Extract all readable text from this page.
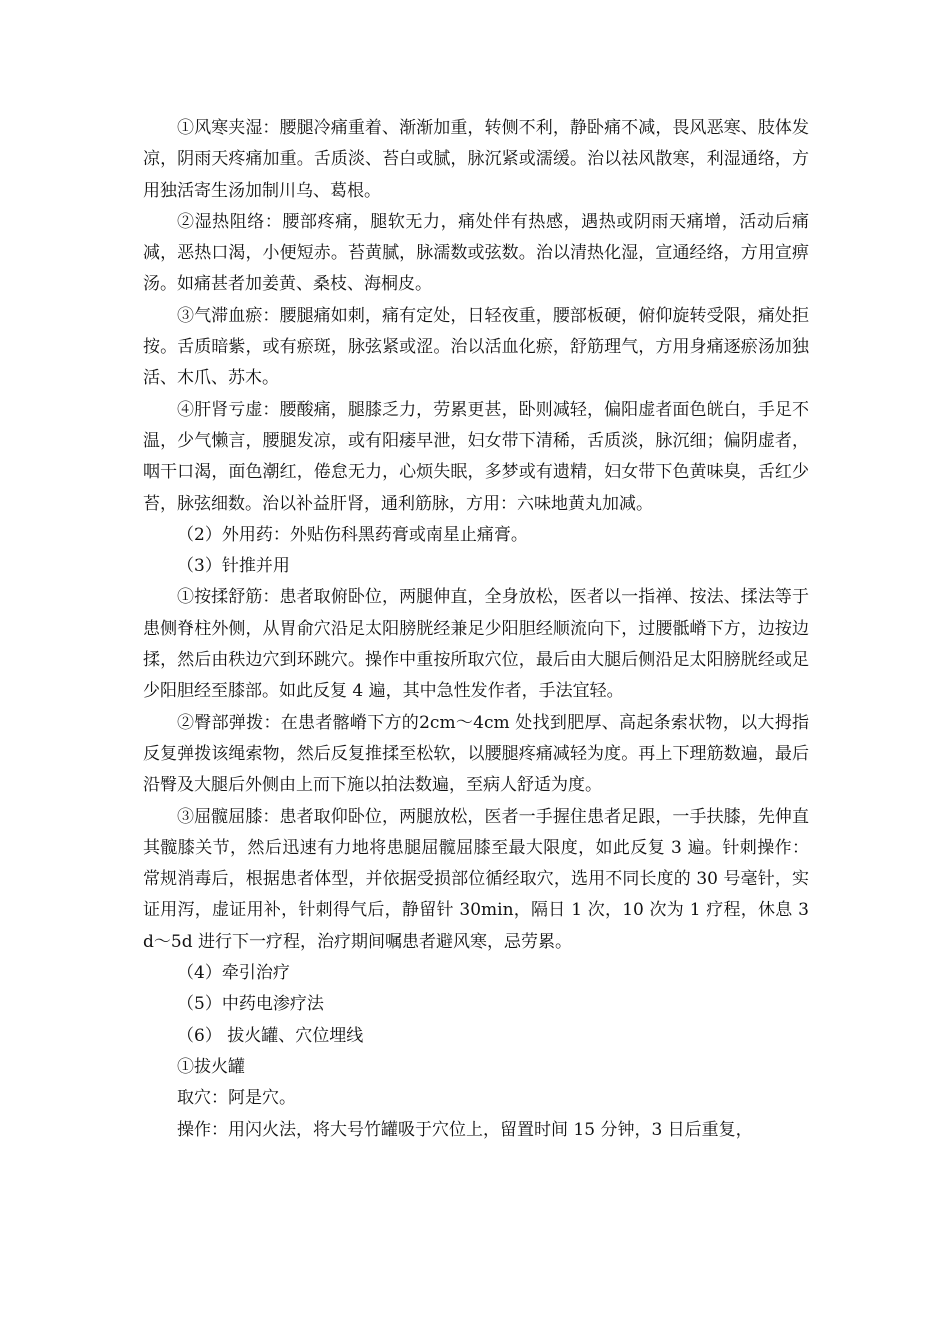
①风寒夹湿：腰腿冷痛重着、渐渐加重，转侧不利，静卧痛不减，畏风恶寒、肢体发凉，阴雨天疼痛加重。舌质淡、苔白或腻，脉沉紧或濡缓。治以祛风散寒，利湿通络，方用独活寄生汤加制川乌、葛根。

②湿热阻络：腰部疼痛，腿软无力，痛处伴有热感，遇热或阴雨天痛增，活动后痛减，恶热口渴，小便短赤。苔黄腻，脉濡数或弦数。治以清热化湿，宣通经络，方用宣痹汤。如痛甚者加姜黄、桑枝、海桐皮。

③气滞血瘀：腰腿痛如刺，痛有定处，日轻夜重，腰部板硬，俯仰旋转受限，痛处拒按。舌质暗紫，或有瘀斑，脉弦紧或涩。治以活血化瘀，舒筋理气，方用身痛逐瘀汤加独活、木爪、苏木。

④肝肾亏虚：腰酸痛，腿膝乏力，劳累更甚，卧则减轻，偏阳虚者面色㿠白，手足不温，少气懒言，腰腿发凉，或有阳痿早泄，妇女带下清稀，舌质淡，脉沉细；偏阴虚者，咽干口渴，面色潮红，倦怠无力，心烦失眠，多梦或有遗精，妇女带下色黄味臭，舌红少苔，脉弦细数。治以补益肝肾，通利筋脉，方用：六味地黄丸加减。

（2）外用药：外贴伤科黑药膏或南星止痛膏。

（3）针推并用

①按揉舒筋：患者取俯卧位，两腿伸直，全身放松，医者以一指禅、按法、揉法等于患侧脊柱外侧，从胃俞穴沿足太阳膀胱经兼足少阳胆经顺流向下，过腰骶嵴下方，边按边揉，然后由秩边穴到环跳穴。操作中重按所取穴位，最后由大腿后侧沿足太阳膀胱经或足少阳胆经至膝部。如此反复 4 遍，其中急性发作者，手法宜轻。

②臀部弹拨：在患者髂嵴下方的2cm～4cm 处找到肥厚、高起条索状物，以大拇指反复弹拨该绳索物，然后反复推揉至松软，以腰腿疼痛减轻为度。再上下理筋数遍，最后沿臀及大腿后外侧由上而下施以拍法数遍，至病人舒适为度。

③屈髋屈膝：患者取仰卧位，两腿放松，医者一手握住患者足跟，一手扶膝，先伸直其髋膝关节，然后迅速有力地将患腿屈髋屈膝至最大限度，如此反复 3 遍。针刺操作：常规消毒后，根据患者体型，并依据受损部位循经取穴，选用不同长度的 30 号毫针，实证用泻，虚证用补，针刺得气后，静留针 30min，隔日 1 次，10 次为 1 疗程，休息 3d～5d 进行下一疗程，治疗期间嘱患者避风寒，忌劳累。

（4）牵引治疗

（5）中药电渗疗法

（6） 拔火罐、穴位埋线

①拔火罐

取穴：阿是穴。

操作：用闪火法，将大号竹罐吸于穴位上，留置时间 15 分钟，3 日后重复，
